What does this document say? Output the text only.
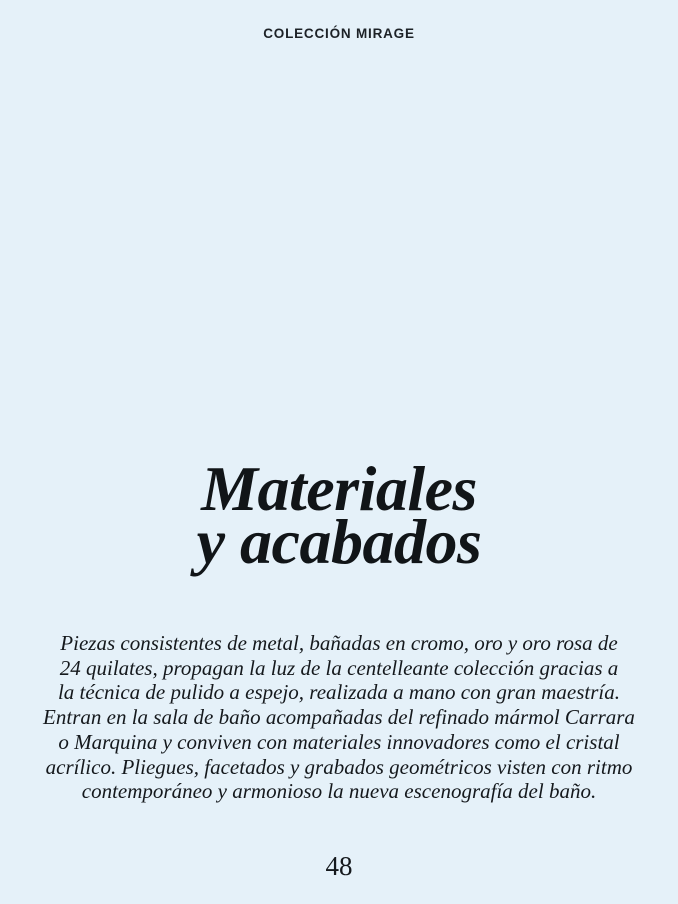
COLECCIÓN MIRAGE
Materiales
y acabados
Piezas consistentes de metal, bañadas en cromo, oro y oro rosa de
24 quilates, propagan la luz de la centelleante colección gracias a
la técnica de pulido a espejo, realizada a mano con gran maestría.
Entran en la sala de baño acompañadas del refinado mármol Carrara
o Marquina y conviven con materiales innovadores como el cristal
acrílico. Pliegues, facetados y grabados geométricos visten con ritmo
contemporáneo y armonioso la nueva escenografía del baño.
48
